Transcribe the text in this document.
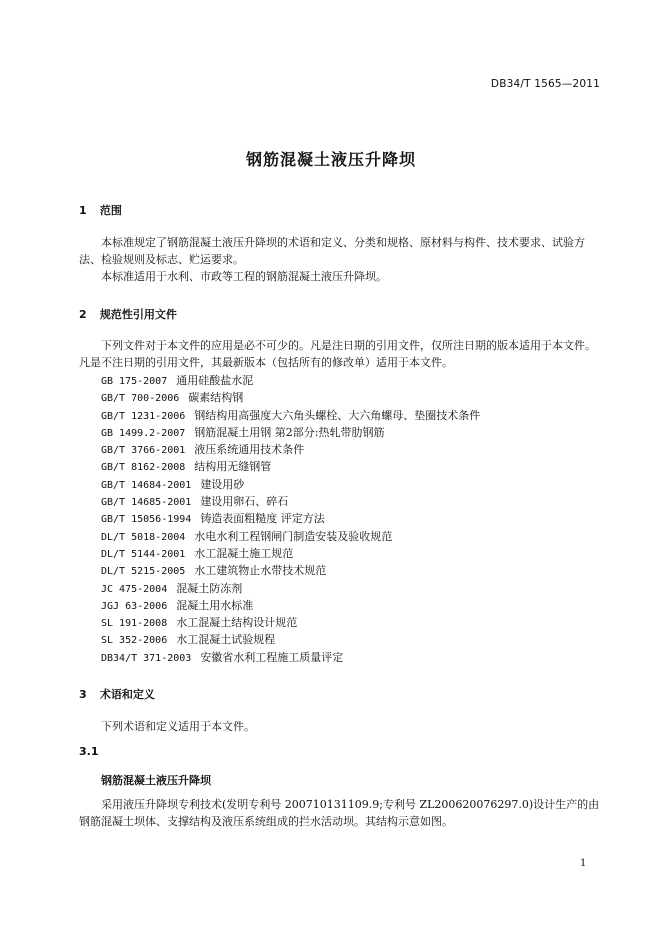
DB34/T 1565—2011
钢筋混凝土液压升降坝
1 范围

本标准规定了钢筋混凝土液压升降坝的术语和定义、分类和规格、原材料与构件、技术要求、试验方法、检验规则及标志、贮运要求。

本标准适用于水利、市政等工程的钢筋混凝土液压升降坝。

2 规范性引用文件

下列文件对于本文件的应用是必不可少的。凡是注日期的引用文件，仅所注日期的版本适用于本文件。凡是不注日期的引用文件，其最新版本（包括所有的修改单）适用于本文件。

GB 175-2007 通用硅酸盐水泥
GB/T 700-2006 碳素结构钢
GB/T 1231-2006 钢结构用高强度大六角头螺栓、大六角螺母、垫圈技术条件
GB 1499.2-2007 钢筋混凝土用钢 第2部分:热轧带肋钢筋
GB/T 3766-2001 液压系统通用技术条件
GB/T 8162-2008 结构用无缝钢管
GB/T 14684-2001 建设用砂
GB/T 14685-2001 建设用卵石、碎石
GB/T 15056-1994 铸造表面粗糙度 评定方法
DL/T 5018-2004 水电水利工程钢闸门制造安装及验收规范
DL/T 5144-2001 水工混凝土施工规范
DL/T 5215-2005 水工建筑物止水带技术规范
JC 475-2004 混凝土防冻剂
JGJ 63-2006 混凝土用水标准
SL 191-2008 水工混凝土结构设计规范
SL 352-2006 水工混凝土试验规程
DB34/T 371-2003 安徽省水利工程施工质量评定
3 术语和定义

下列术语和定义适用于本文件。

3.1
钢筋混凝土液压升降坝

采用液压升降坝专利技术(发明专利号 200710131109.9;专利号 ZL200620076297.0)设计生产的由钢筋混凝土坝体、支撑结构及液压系统组成的拦水活动坝。其结构示意如图。

1
